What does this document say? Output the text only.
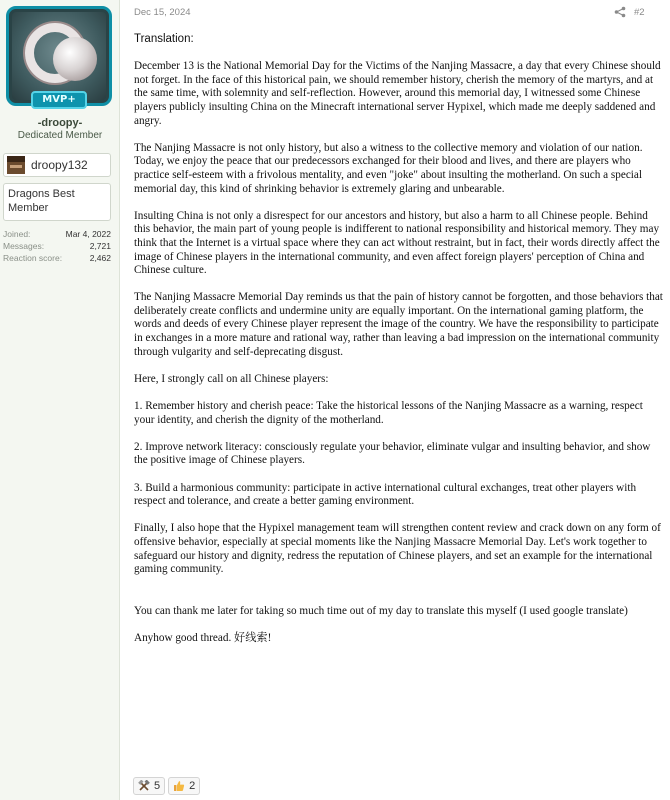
MVP+
-droopy-
Dedicated Member
droopy132
Dragons Best
Member
Joined:	Mar 4, 2022
Messages:	2,721
Reaction score:	2,462
Dec 15, 2024	#2

Translation:

December 13 is the National Memorial Day for the Victims of the Nanjing Massacre, a day that every Chinese should not forget. In the face of this historical pain, we should remember history, cherish the memory of the martyrs, and at the same time, with solemnity and self-reflection. However, around this memorial day, I witnessed some Chinese players publicly insulting China on the Minecraft international server Hypixel, which made me deeply saddened and angry.

The Nanjing Massacre is not only history, but also a witness to the collective memory and violation of our nation. Today, we enjoy the peace that our predecessors exchanged for their blood and lives, and there are players who practice self-esteem with a frivolous mentality, and even "joke" about insulting the motherland. On such a special memorial day, this kind of shrinking behavior is extremely glaring and unbearable.

Insulting China is not only a disrespect for our ancestors and history, but also a harm to all Chinese people. Behind this behavior, the main part of young people is indifferent to national responsibility and historical memory. They may think that the Internet is a virtual space where they can act without restraint, but in fact, their words directly affect the image of Chinese players in the international community, and even affect foreign players' perception of China and Chinese culture.

The Nanjing Massacre Memorial Day reminds us that the pain of history cannot be forgotten, and those behaviors that deliberately create conflicts and undermine unity are equally important. On the international gaming platform, the words and deeds of every Chinese player represent the image of the country. We have the responsibility to participate in exchanges in a more mature and rational way, rather than leaving a bad impression on the international community through vulgarity and self-deprecating disgust.

Here, I strongly call on all Chinese players:

1. Remember history and cherish peace: Take the historical lessons of the Nanjing Massacre as a warning, respect your identity, and cherish the dignity of the motherland.

2. Improve network literacy: consciously regulate your behavior, eliminate vulgar and insulting behavior, and show the positive image of Chinese players.

3. Build a harmonious community: participate in active international cultural exchanges, treat other players with respect and tolerance, and create a better gaming environment.

Finally, I also hope that the Hypixel management team will strengthen content review and crack down on any form of offensive behavior, especially at special moments like the Nanjing Massacre Memorial Day. Let's work together to safeguard our history and dignity, redress the reputation of Chinese players, and set an example for the international gaming community.

You can thank me later for taking so much time out of my day to translate this myself (I used google translate)

Anyhow good thread. 好线索!

5	2
